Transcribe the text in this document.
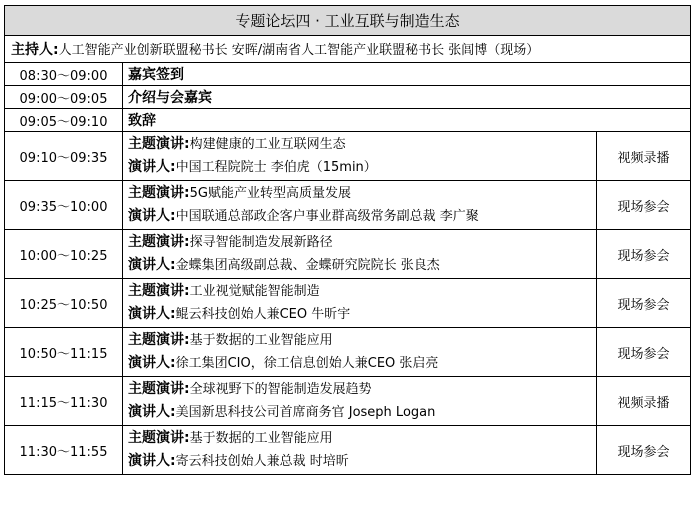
专题论坛四 · 工业互联与制造生态		
主持人:人工智能产业创新联盟秘书长 安晖/湖南省人工智能产业联盟秘书长 张闾博（现场）		
08:30～09:00	嘉宾签到	
09:00～09:05	介绍与会嘉宾	
09:05～09:10	致辞	
09:10～09:35	主题演讲:构建健康的工业互联网生态
演讲人:中国工程院院士 李伯虎（15min）	视频录播
09:35～10:00	主题演讲:5G赋能产业转型高质量发展
演讲人:中国联通总部政企客户事业群高级常务副总裁 李广聚	现场参会
10:00～10:25	主题演讲:探寻智能制造发展新路径
演讲人:金蝶集团高级副总裁、金蝶研究院院长 张良杰	现场参会
10:25～10:50	主题演讲:工业视觉赋能智能制造
演讲人:鲲云科技创始人兼CEO 牛昕宇	现场参会
10:50～11:15	主题演讲:基于数据的工业智能应用
演讲人:徐工集团CIO，徐工信息创始人兼CEO 张启亮	现场参会
11:15～11:30	主题演讲:全球视野下的智能制造发展趋势
演讲人:美国新思科技公司首席商务官 Joseph Logan	视频录播
11:30～11:55	主题演讲:基于数据的工业智能应用
演讲人:寄云科技创始人兼总裁 时培昕	现场参会
